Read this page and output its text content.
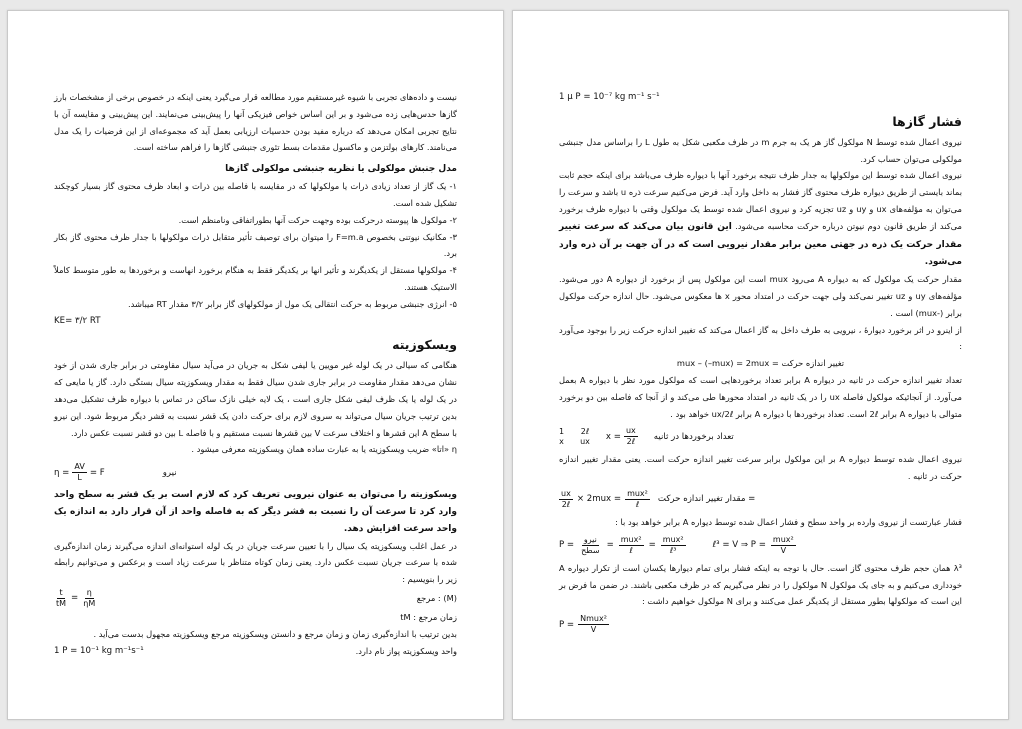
نیست و داده‌های تجربی با شیوه غیرمستقیم مورد مطالعه قرار می‌گیرد یعنی اینکه در خصوص برخی از مشخصات بارز گازها حدس‌هایی زده می‌شود و بر این اساس خواص فیزیکی آنها را پیش‌بینی می‌نمایند. این پیش‌بینی و مقایسه آن با نتایج تجربی امکان می‌دهد که درباره مفید بودن حدسیات ارزیابی بعمل آید که مجموعه‌ای از این فرضیات را یک مدل می‌نامند. کارهای بولتزمن و ماکسول مقدمات بسط تئوری جنبشی گازها را فراهم ساخته است.

مدل جنبش مولکولی یا نظریه جنبشی مولکولی گازها

۱- یک گاز از تعداد زیادی ذرات یا مولکولها که در مقایسه با فاصله بین ذرات و ابعاد ظرف محتوی گاز بسیار کوچکند تشکیل شده است.

۲- مولکول ها پیوسته درحرکت بوده وجهت حرکت آنها بطوراتفاقی ونامنظم است.

۳- مکانیک نیوتنی بخصوص F=m.a را میتوان برای توصیف تأثیر متقابل ذرات مولکولها با جدار ظرف محتوی گاز بکار برد.

۴- مولکولها مستقل از یکدیگرند و تأثیر انها بر یکدیگر فقط به هنگام برخورد انهاست و برخوردها به طور متوسط کاملاً الاستیک هستند.

۵- انرژی جنبشی مربوط به حرکت انتقالی یک مول از مولکولهای گاز برابر ۳/۲ مقدار RT میباشد.

KE= ۳/۲ RT
ویسکوزیته

هنگامی که سیالی در یک لوله غیر مویین یا لیفی شکل به جریان در می‌آید سیال مقاومتی در برابر جاری شدن از خود نشان می‌دهد مقدار مقاومت در برابر جاری شدن سیال فقط به مقدار ویسکوزیته سیال بستگی دارد. گاز یا مایعی که در یک لوله یا یک ظرف لیفی شکل جاری است ، یک لایه خیلی نازک ساکن در تماس با دیواره ظرف تشکیل می‌دهد بدین ترتیب جریان سیال می‌تواند به سروی لازم برای حرکت دادن یک قشر نسبت به قشر دیگر مربوط شود. این نیرو با سطح A این قشرها و اختلاف سرعت V بین قشرها نسبت مستقیم و با فاصله L بین دو قشر نسبت عکس دارد.

η «اتا» ضریب ویسکوزیته یا به عبارت ساده همان ویسکوزیته معرفی میشود .

$\eta = \frac{AV}{L} = F$	نیرو

ویسکوزیته را می‌توان به عنوان نیرویی تعریف کرد که لازم است بر یک قشر به سطح واحد وارد کرد تا سرعت آن را نسبت به قشر دیگر که به فاصله واحد از آن قرار دارد به اندازه یک واحد سرعت افزایش دهد.

در عمل اغلب ویسکوزیته یک سیال را با تعیین سرعت جریان در یک لوله استوانه‌ای اندازه می‌گیرند زمان اندازه‌گیری شده با سرعت جریان نسبت عکس دارد. یعنی زمان کوتاه متناظر با سرعت زیاد است و برعکس و می‌توانیم رابطه زیر را بنویسیم :

(M) : مرجع
$\frac{t}{tM} = \frac{\eta}{\eta M}$

زمان مرجع : tM

بدین ترتیب با اندازه‌گیری زمان و زمان مرجع و دانستن ویسکوزیته مرجع ویسکوزیته مجهول بدست می‌آید .

واحد ویسکوزیته پواز نام دارد.
1 P = 10⁻¹ kg m⁻¹s⁻¹
1 µ P = 10⁻⁷ kg m⁻¹ s⁻¹
فشار گازها

نیروی اعمال شده توسط N مولکول گاز هر یک به جرم m در ظرف مکعبی شکل به طول L را براساس مدل جنبشی مولکولی می‌توان حساب کرد.

نیروی اعمال شده توسط این مولکولها به جدار ظرف نتیجه برخورد آنها با دیواره ظرف می‌باشد برای اینکه حجم ثابت بماند بایستی از طریق دیواره ظرف محتوی گاز فشار به داخل وارد آید. فرض می‌کنیم سرعت ذره u باشد و سرعت را می‌توان به مؤلفه‌های ux و uy و uz تجزیه کرد و نیروی اعمال شده توسط یک مولکول وقتی با دیواره ظرف برخورد می‌کند از طریق قانون دوم نیوتن درباره حرکت محاسبه می‌شود. این قانون بیان می‌کند که سرعت تغییر مقدار حرکت یک ذره در جهتی معین برابر مقدار نیرویی است که در آن جهت بر آن ذره وارد می‌شود.

مقدار حرکت یک مولکول که به دیواره A می‌رود mux است این مولکول پس از برخورد از دیواره A دور می‌شود. مؤلفه‌های uy و uz تغییر نمی‌کند ولی جهت حرکت در امتداد محور x ها معکوس می‌شود. حال اندازه حرکت مولکول برابر (-mux) است .

از اینرو در اثر برخورد دیوارهٔ ، نیرویی به طرف داخل به گاز اعمال می‌کند که تغییر اندازه حرکت زیر را بوجود می‌آورد :

تغییر اندازه حرکت = mux – (–mux) = 2mux

تعداد تغییر اندازه حرکت در ثانیه در دیواره A برابر تعداد برخوردهایی است که مولکول مورد نظر با دیواره A بعمل می‌آورد. از آنجائیکه مولکول فاصله ux را در یک ثانیه در امتداد محورها طی می‌کند و از آنجا که فاصله بین دو برخورد متوالی با دیواره A برابر 2ℓ است. تعداد برخوردها با دیواره A برابر ux/2ℓ خواهد بود .

1
x
2ℓ
ux $x = \frac{ux}{\text{2ℓ}}$ تعداد برخوردها در ثانیه

نیروی اعمال شده توسط دیواره A بر این مولکول برابر سرعت تغییر اندازه حرکت است. یعنی مقدار تغییر اندازه حرکت در ثانیه .

$\frac{ux}{\text{2ℓ}} \times 2mux = \frac{\text{mux²}}{\text{ℓ}}$ = مقدار تغییر اندازه حرکت

فشار عبارتست از نیروی وارده بر واحد سطح و فشار اعمال شده توسط دیواره A برابر خواهد بود با :

$P = \frac{\text{نیرو}}{\text{سطح}} = \frac{\text{mux²}}{\text{ℓ}} = \frac{\text{mux²}}{\text{ℓ³}}$	ℓ³ = V ⇒ $P = \frac{\text{mux²}}{V}$

λ³ همان حجم ظرف محتوی گاز است. حال با توجه به اینکه فشار برای تمام دیوارها یکسان است از تکرار دیواره A خودداری می‌کنیم و به جای یک مولکول N مولکول را در نظر می‌گیریم که در ظرف مکعبی باشند. در ضمن ما فرض بر این است که مولکولها بطور مستقل از یکدیگر عمل می‌کنند و برای N مولکول خواهیم داشت :

$P = \frac{\text{Nmux²}}{V}$
